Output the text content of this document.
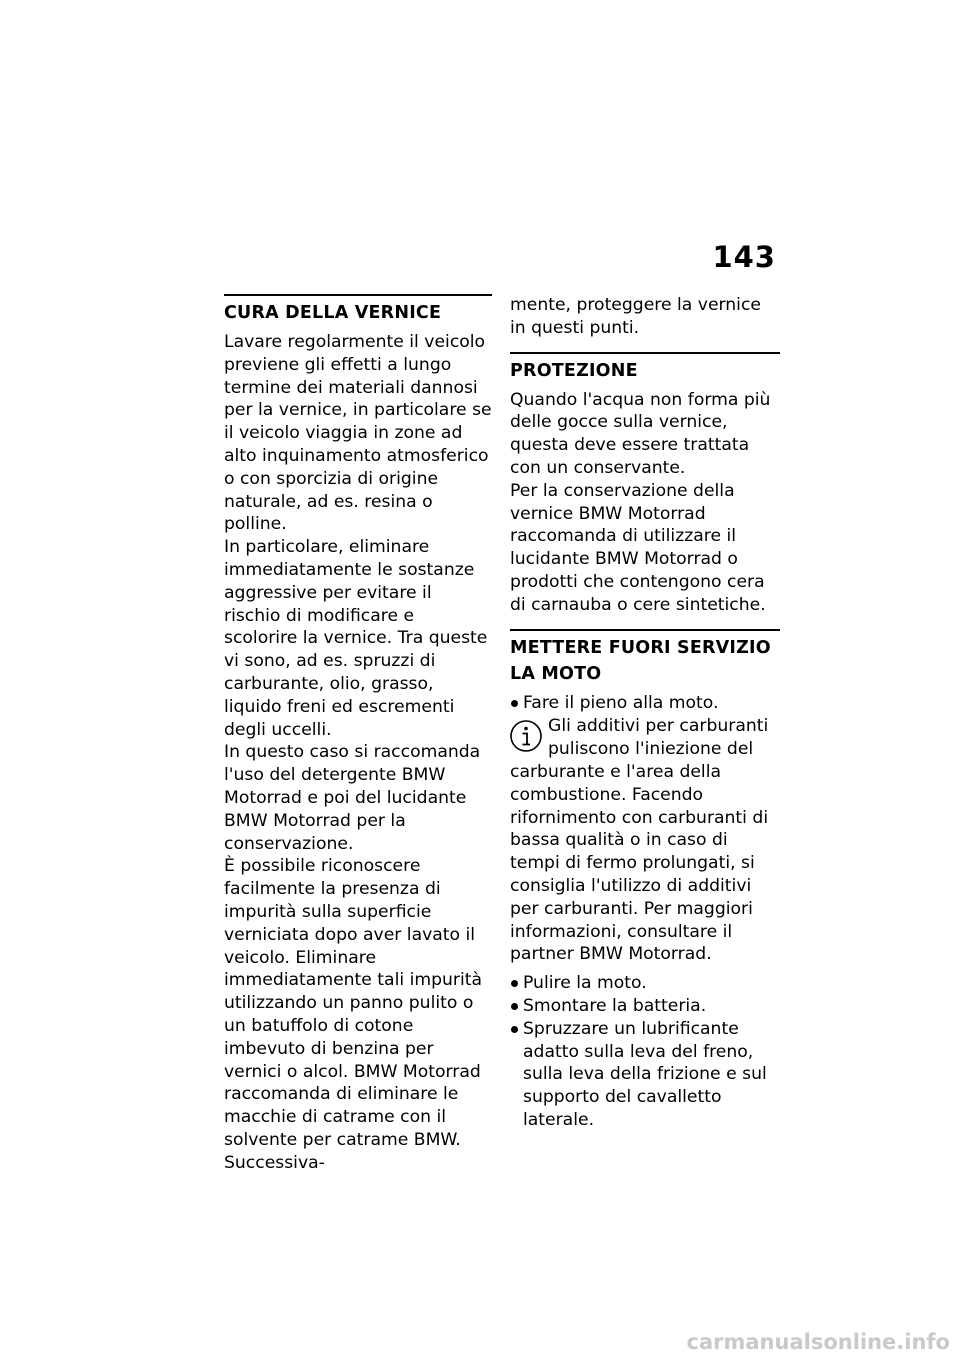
143
CURA DELLA VERNICE

Lavare regolarmente il veicolo previene gli effetti a lungo termine dei materiali dannosi per la vernice, in particolare se il veicolo viaggia in zone ad alto inquinamento atmosferico o con sporcizia di origine naturale, ad es. resina o polline.

In particolare, eliminare immediatamente le sostanze aggressive per evitare il rischio di modificare e scolorire la vernice. Tra queste vi sono, ad es. spruzzi di carburante, olio, grasso, liquido freni ed escrementi degli uccelli.

In questo caso si raccomanda l'uso del detergente BMW Motorrad e poi del lucidante BMW Motorrad per la conservazione.

È possibile riconoscere facilmente la presenza di impurità sulla superficie verniciata dopo aver lavato il veicolo. Eliminare immediatamente tali impurità utilizzando un panno pulito o un batuffolo di cotone imbevuto di benzina per vernici o alcol. BMW Motorrad raccomanda di eliminare le macchie di catrame con il solvente per catrame BMW. Successiva-

mente, proteggere la vernice in questi punti.

PROTEZIONE

Quando l'acqua non forma più delle gocce sulla vernice, questa deve essere trattata con un conservante.

Per la conservazione della vernice BMW Motorrad raccomanda di utilizzare il lucidante BMW Motorrad o prodotti che contengono cera di carnauba o cere sintetiche.

METTERE FUORI SERVIZIO LA MOTO
Fare il pieno alla moto.

Gli additivi per carburanti puliscono l'iniezione del carburante e l'area della combustione. Facendo rifornimento con carburanti di bassa qualità o in caso di tempi di fermo prolungati, si consiglia l'utilizzo di additivi per carburanti. Per maggiori informazioni, consultare il partner BMW Motorrad.

Pulire la moto.
Smontare la batteria.
Spruzzare un lubrificante adatto sulla leva del freno, sulla leva della frizione e sul supporto del cavalletto laterale.
carmanualsonline.info
